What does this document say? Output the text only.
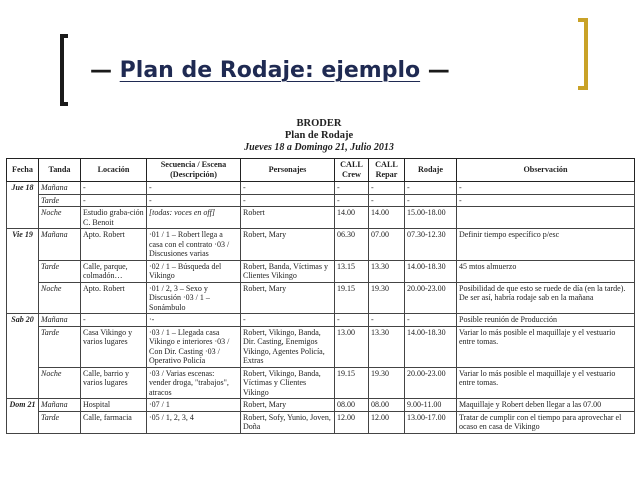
— Plan de Rodaje: ejemplo —
BRODER
Plan de Rodaje
Jueves 18 a Domingo 21, Julio 2013
Fecha	Tanda	Locación	Secuencia / Escena (Descripción)	Personajes	CALL Crew	CALL Repar	Rodaje	Observación
Jue 18	Mañana	-	-	-	-	-	-	-
	Tarde	-	-	-	-	-	-	-
	Noche	Estudio graba-ción C. Benoit	[todas: voces en off]	Robert	14.00	14.00	15.00-18.00	
Vie 19	Mañana	Apto. Robert	·01 / 1 – Robert llega a casa con el contrato ·03 / Discusiones varias	Robert, Mary	06.30	07.00	07.30-12.30	Definir tiempo específico p/esc
	Tarde	Calle, parque, colmadón…	·02 / 1 – Búsqueda del Vikingo	Robert, Banda, Víctimas y Clientes Vikingo	13.15	13.30	14.00-18.30	45 mtos almuerzo
	Noche	Apto. Robert	·01 / 2, 3 – Sexo y Discusión ·03 / 1 – Sonámbulo	Robert, Mary	19.15	19.30	20.00-23.00	Posibilidad de que esto se ruede de día (en la tarde). De ser así, habría rodaje sab en la mañana
Sab 20	Mañana	-	·-	-	-	-	-	Posible reunión de Producción
	Tarde	Casa Vikingo y varios lugares	·03 / 1 – Llegada casa Vikingo e interiores ·03 / Con Dir. Casting ·03 / Operativo Policía	Robert, Vikingo, Banda, Dir. Casting, Enemigos Vikingo, Agentes Policía, Extras	13.00	13.30	14.00-18.30	Variar lo más posible el maquillaje y el vestuario entre tomas.
	Noche	Calle, barrio y varios lugares	·03 / Varias escenas: vender droga, "trabajos", atracos	Robert, Vikingo, Banda, Víctimas y Clientes Vikingo	19.15	19.30	20.00-23.00	Variar lo más posible el maquillaje y el vestuario entre tomas.
Dom 21	Mañana	Hospital	·07 / 1	Robert, Mary	08.00	08.00	9.00-11.00	Maquillaje y Robert deben llegar a las 07.00
	Tarde	Calle, farmacia	·05 / 1, 2, 3, 4	Robert, Sofy, Yunio, Joven, Doña	12.00	12.00	13.00-17.00	Tratar de cumplir con el tiempo para aprovechar el ocaso en casa de Vikingo
